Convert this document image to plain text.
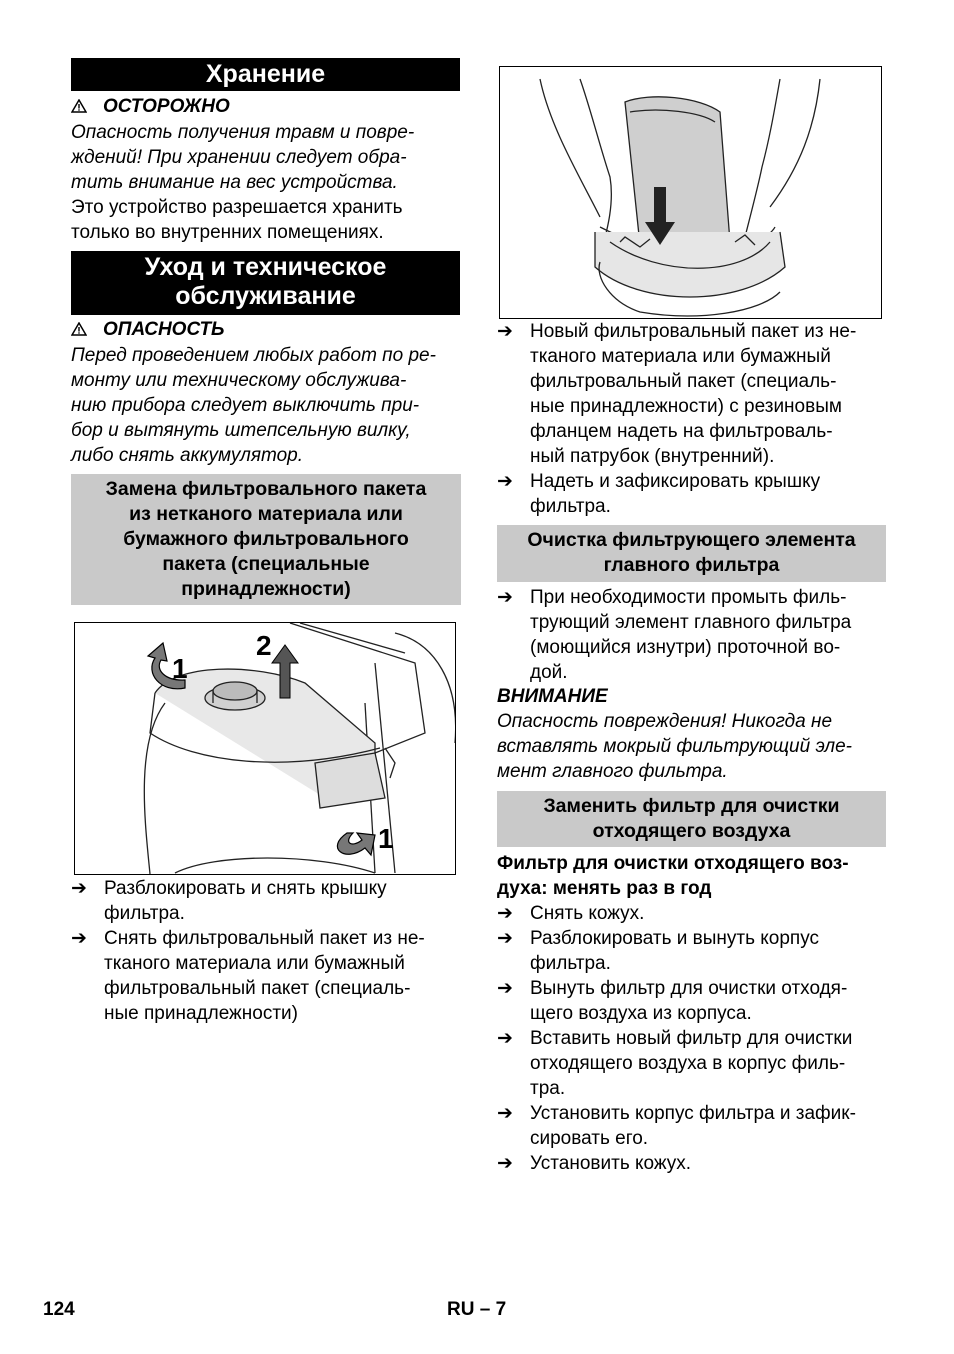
Хранение
ОСТОРОЖНО
Опасность получения травм и повре-
ждений! При хранении следует обра-
тить внимание на вес устройства.
Это устройство разрешается хранить
только во внутренних помещениях.
Уход и техническое
обслуживание
ОПАСНОСТЬ
Перед проведением любых работ по ре-
монту или техническому обслужива-
нию прибора следует выключить при-
бор и вытянуть штепсельную вилку,
либо снять аккумулятор.
Замена фильтровального пакета
из нетканого материала или
бумажного фильтровального
пакета (специальные
принадлежности)
1
2
1
➔ Разблокировать и снять крышку
фильтра.
➔ Снять фильтровальный пакет из не-
тканого материала или бумажный
фильтровальный пакет (специаль-
ные принадлежности)
➔ Новый фильтровальный пакет из не-
тканого материала или бумажный
фильтровальный пакет (специаль-
ные принадлежности) с резиновым
фланцем надеть на фильтроваль-
ный патрубок (внутренний).
➔ Надеть и зафиксировать крышку
фильтра.
Очистка фильтрующего элемента
главного фильтра
➔ При необходимости промыть филь-
трующий элемент главного фильтра
(моющийся изнутри) проточной во-
дой.
ВНИМАНИЕ
Опасность повреждения! Никогда не
вставлять мокрый фильтрующий эле-
мент главного фильтра.
Заменить фильтр для очистки
отходящего воздуха
Фильтр для очистки отходящего воз-
духа: менять раз в год
➔ Снять кожух.
➔ Разблокировать и вынуть корпус
фильтра.
➔ Вынуть фильтр для очистки отходя-
щего воздуха из корпуса.
➔ Вставить новый фильтр для очистки
отходящего воздуха в корпус филь-
тра.
➔ Установить корпус фильтра и зафик-
сировать его.
➔ Установить кожух.
124	RU – 7
